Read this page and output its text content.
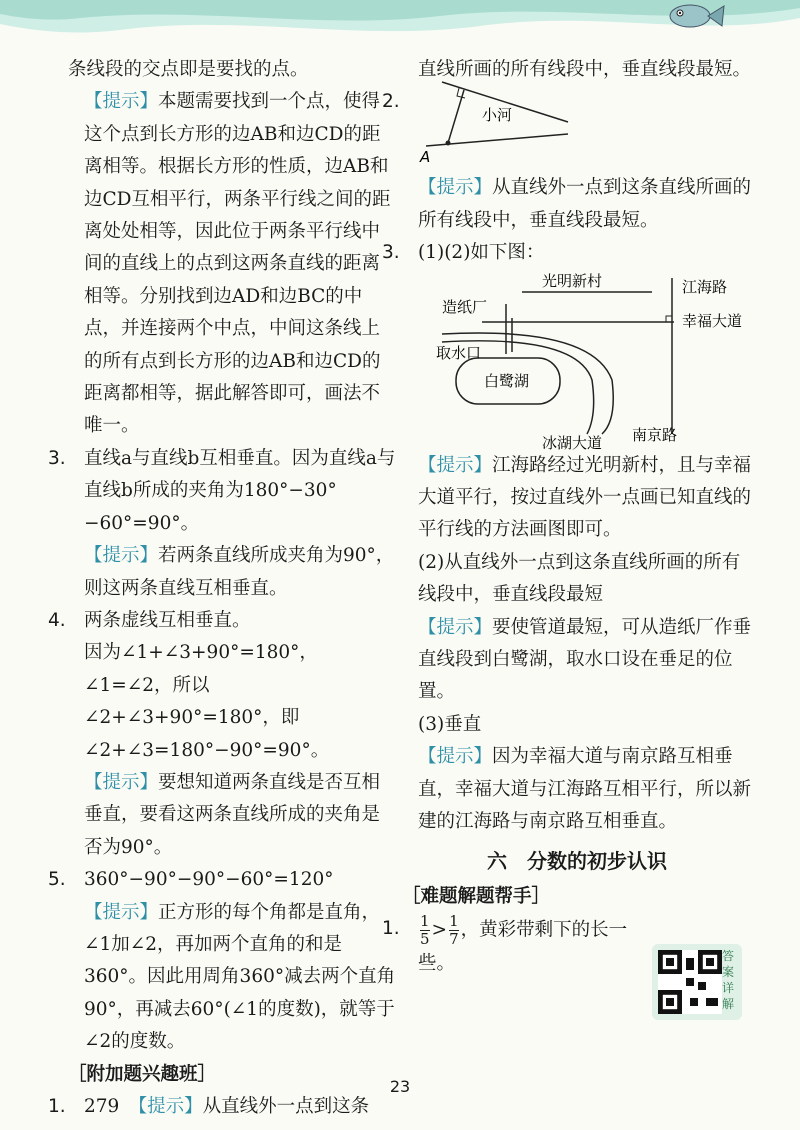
条线段的交点即是要找的点。

【提示】本题需要找到一个点，使得这个点到长方形的边AB和边CD的距离相等。根据长方形的性质，边AB和边CD互相平行，两条平行线之间的距离处处相等，因此位于两条平行线中间的直线上的点到这两条直线的距离相等。分别找到边AD和边BC的中点，并连接两个中点，中间这条线上的所有点到长方形的边AB和边CD的距离都相等，据此解答即可，画法不唯一。

3. 直线a与直线b互相垂直。因为直线a与直线b所成的夹角为180°−30°−60°=90°。

【提示】若两条直线所成夹角为90°，则这两条直线互相垂直。

4. 两条虚线互相垂直。

因为∠1+∠3+90°=180°，∠1=∠2，所以∠2+∠3+90°=180°，即∠2+∠3=180°−90°=90°。

【提示】要想知道两条直线是否互相垂直，要看这两条直线所成的夹角是否为90°。

5. 360°−90°−90°−60°=120°

【提示】正方形的每个角都是直角，∠1加∠2，再加两个直角的和是360°。因此用周角360°减去两个直角90°，再减去60°(∠1的度数)，就等于∠2的度数。

［附加题兴趣班］

1. 279　 【提示】从直线外一点到这条

直线所画的所有线段中，垂直线段最短。

2.
小河
A

【提示】从直线外一点到这条直线所画的所有线段中，垂直线段最短。

3. (1)(2)如下图：

光明新村	江海路
造纸厂
幸福大道
取水口
白鹭湖
冰湖大道 南京路

【提示】江海路经过光明新村，且与幸福大道平行，按过直线外一点画已知直线的平行线的方法画图即可。

(2)从直线外一点到这条直线所画的所有线段中，垂直线段最短

【提示】要使管道最短，可从造纸厂作垂直线段到白鹭湖，取水口设在垂足的位置。

(3)垂直

【提示】因为幸福大道与南京路互相垂直，幸福大道与江海路互相平行，所以新建的江海路与南京路互相垂直。

六　分数的初步认识

［难题解题帮手］

1. $\frac{1}{5} > \frac{1}{7}$ ，黄彩带剩下的长一些。	答案详解
23
